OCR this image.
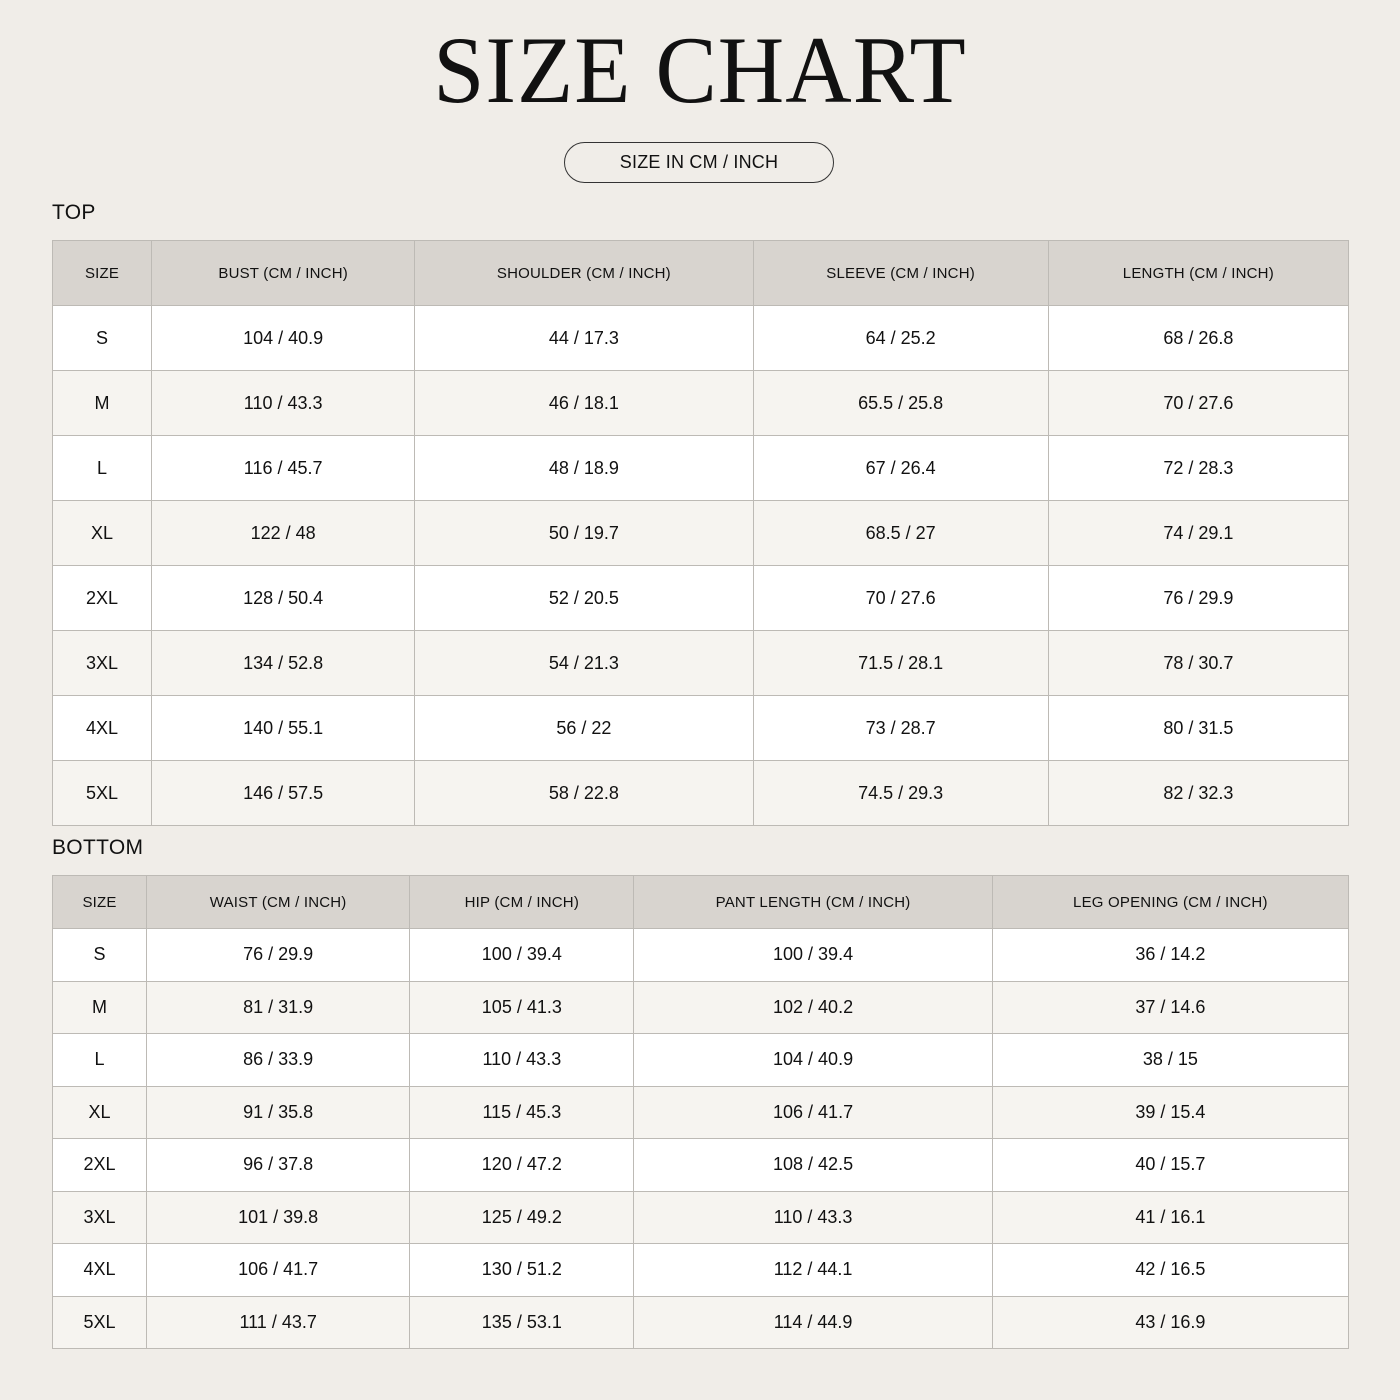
SIZE CHART
SIZE IN CM / INCH
TOP
SIZE	BUST (CM / INCH)	SHOULDER (CM / INCH)	SLEEVE (CM / INCH)	LENGTH (CM / INCH)
S	104 / 40.9	44 / 17.3	64 / 25.2	68 / 26.8
M	110 / 43.3	46 / 18.1	65.5 / 25.8	70 / 27.6
L	116 / 45.7	48 / 18.9	67 / 26.4	72 / 28.3
XL	122 / 48	50 / 19.7	68.5 / 27	74 / 29.1
2XL	128 / 50.4	52 / 20.5	70 / 27.6	76 / 29.9
3XL	134 / 52.8	54 / 21.3	71.5 / 28.1	78 / 30.7
4XL	140 / 55.1	56 / 22	73 / 28.7	80 / 31.5
5XL	146 / 57.5	58 / 22.8	74.5 / 29.3	82 / 32.3
BOTTOM
SIZE	WAIST (CM / INCH)	HIP (CM / INCH)	PANT LENGTH (CM / INCH)	LEG OPENING (CM / INCH)
S	76 / 29.9	100 / 39.4	100 / 39.4	36 / 14.2
M	81 / 31.9	105 / 41.3	102 / 40.2	37 / 14.6
L	86 / 33.9	110 / 43.3	104 / 40.9	38 / 15
XL	91 / 35.8	115 / 45.3	106 / 41.7	39 / 15.4
2XL	96 / 37.8	120 / 47.2	108 / 42.5	40 / 15.7
3XL	101 / 39.8	125 / 49.2	110 / 43.3	41 / 16.1
4XL	106 / 41.7	130 / 51.2	112 / 44.1	42 / 16.5
5XL	111 / 43.7	135 / 53.1	114 / 44.9	43 / 16.9
